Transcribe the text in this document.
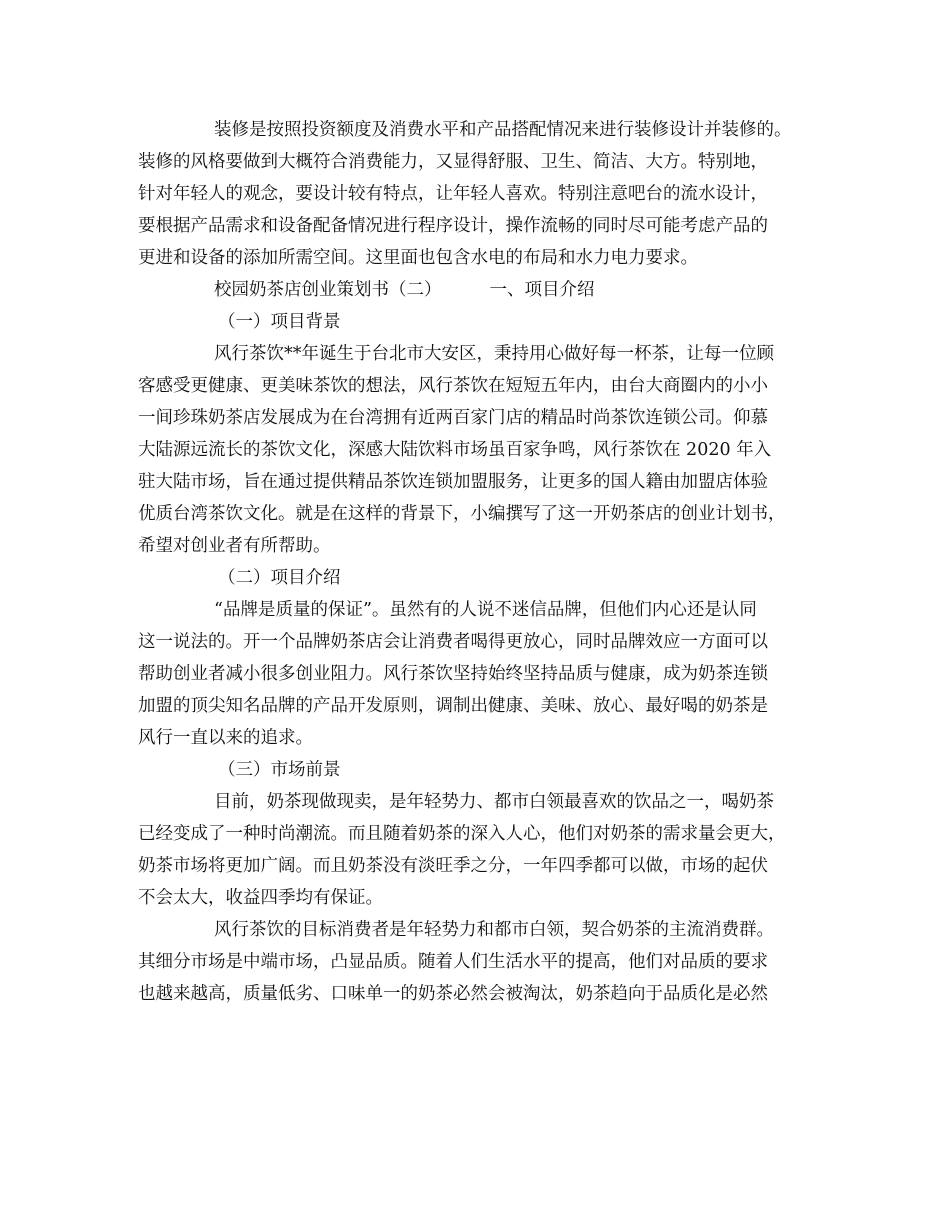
装修是按照投资额度及消费水平和产品搭配情况来进行装修设计并装修的。
装修的风格要做到大概符合消费能力，又显得舒服、卫生、简洁、大方。特别地，
针对年轻人的观念，要设计较有特点，让年轻人喜欢。特别注意吧台的流水设计，
要根据产品需求和设备配备情况进行程序设计，操作流畅的同时尽可能考虑产品的
更进和设备的添加所需空间。这里面也包含水电的布局和水力电力要求。
校园奶茶店创业策划书（二）	一、项目介绍
（一）项目背景
风行茶饮**年诞生于台北市大安区，秉持用心做好每一杯茶，让每一位顾
客感受更健康、更美味茶饮的想法，风行茶饮在短短五年内，由台大商圈内的小小
一间珍珠奶茶店发展成为在台湾拥有近两百家门店的精品时尚茶饮连锁公司。仰慕
大陆源远流长的茶饮文化，深感大陆饮料市场虽百家争鸣，风行茶饮在 2020 年入
驻大陆市场，旨在通过提供精品茶饮连锁加盟服务，让更多的国人籍由加盟店体验
优质台湾茶饮文化。就是在这样的背景下，小编撰写了这一开奶茶店的创业计划书，
希望对创业者有所帮助。
（二）项目介绍
“品牌是质量的保证”。虽然有的人说不迷信品牌，但他们内心还是认同
这一说法的。开一个品牌奶茶店会让消费者喝得更放心，同时品牌效应一方面可以
帮助创业者减小很多创业阻力。风行茶饮坚持始终坚持品质与健康，成为奶茶连锁
加盟的顶尖知名品牌的产品开发原则，调制出健康、美味、放心、最好喝的奶茶是
风行一直以来的追求。
（三）市场前景
目前，奶茶现做现卖，是年轻势力、都市白领最喜欢的饮品之一，喝奶茶
已经变成了一种时尚潮流。而且随着奶茶的深入人心，他们对奶茶的需求量会更大，
奶茶市场将更加广阔。而且奶茶没有淡旺季之分，一年四季都可以做，市场的起伏
不会太大，收益四季均有保证。
风行茶饮的目标消费者是年轻势力和都市白领，契合奶茶的主流消费群。
其细分市场是中端市场，凸显品质。随着人们生活水平的提高，他们对品质的要求
也越来越高，质量低劣、口味单一的奶茶必然会被淘汰，奶茶趋向于品质化是必然
